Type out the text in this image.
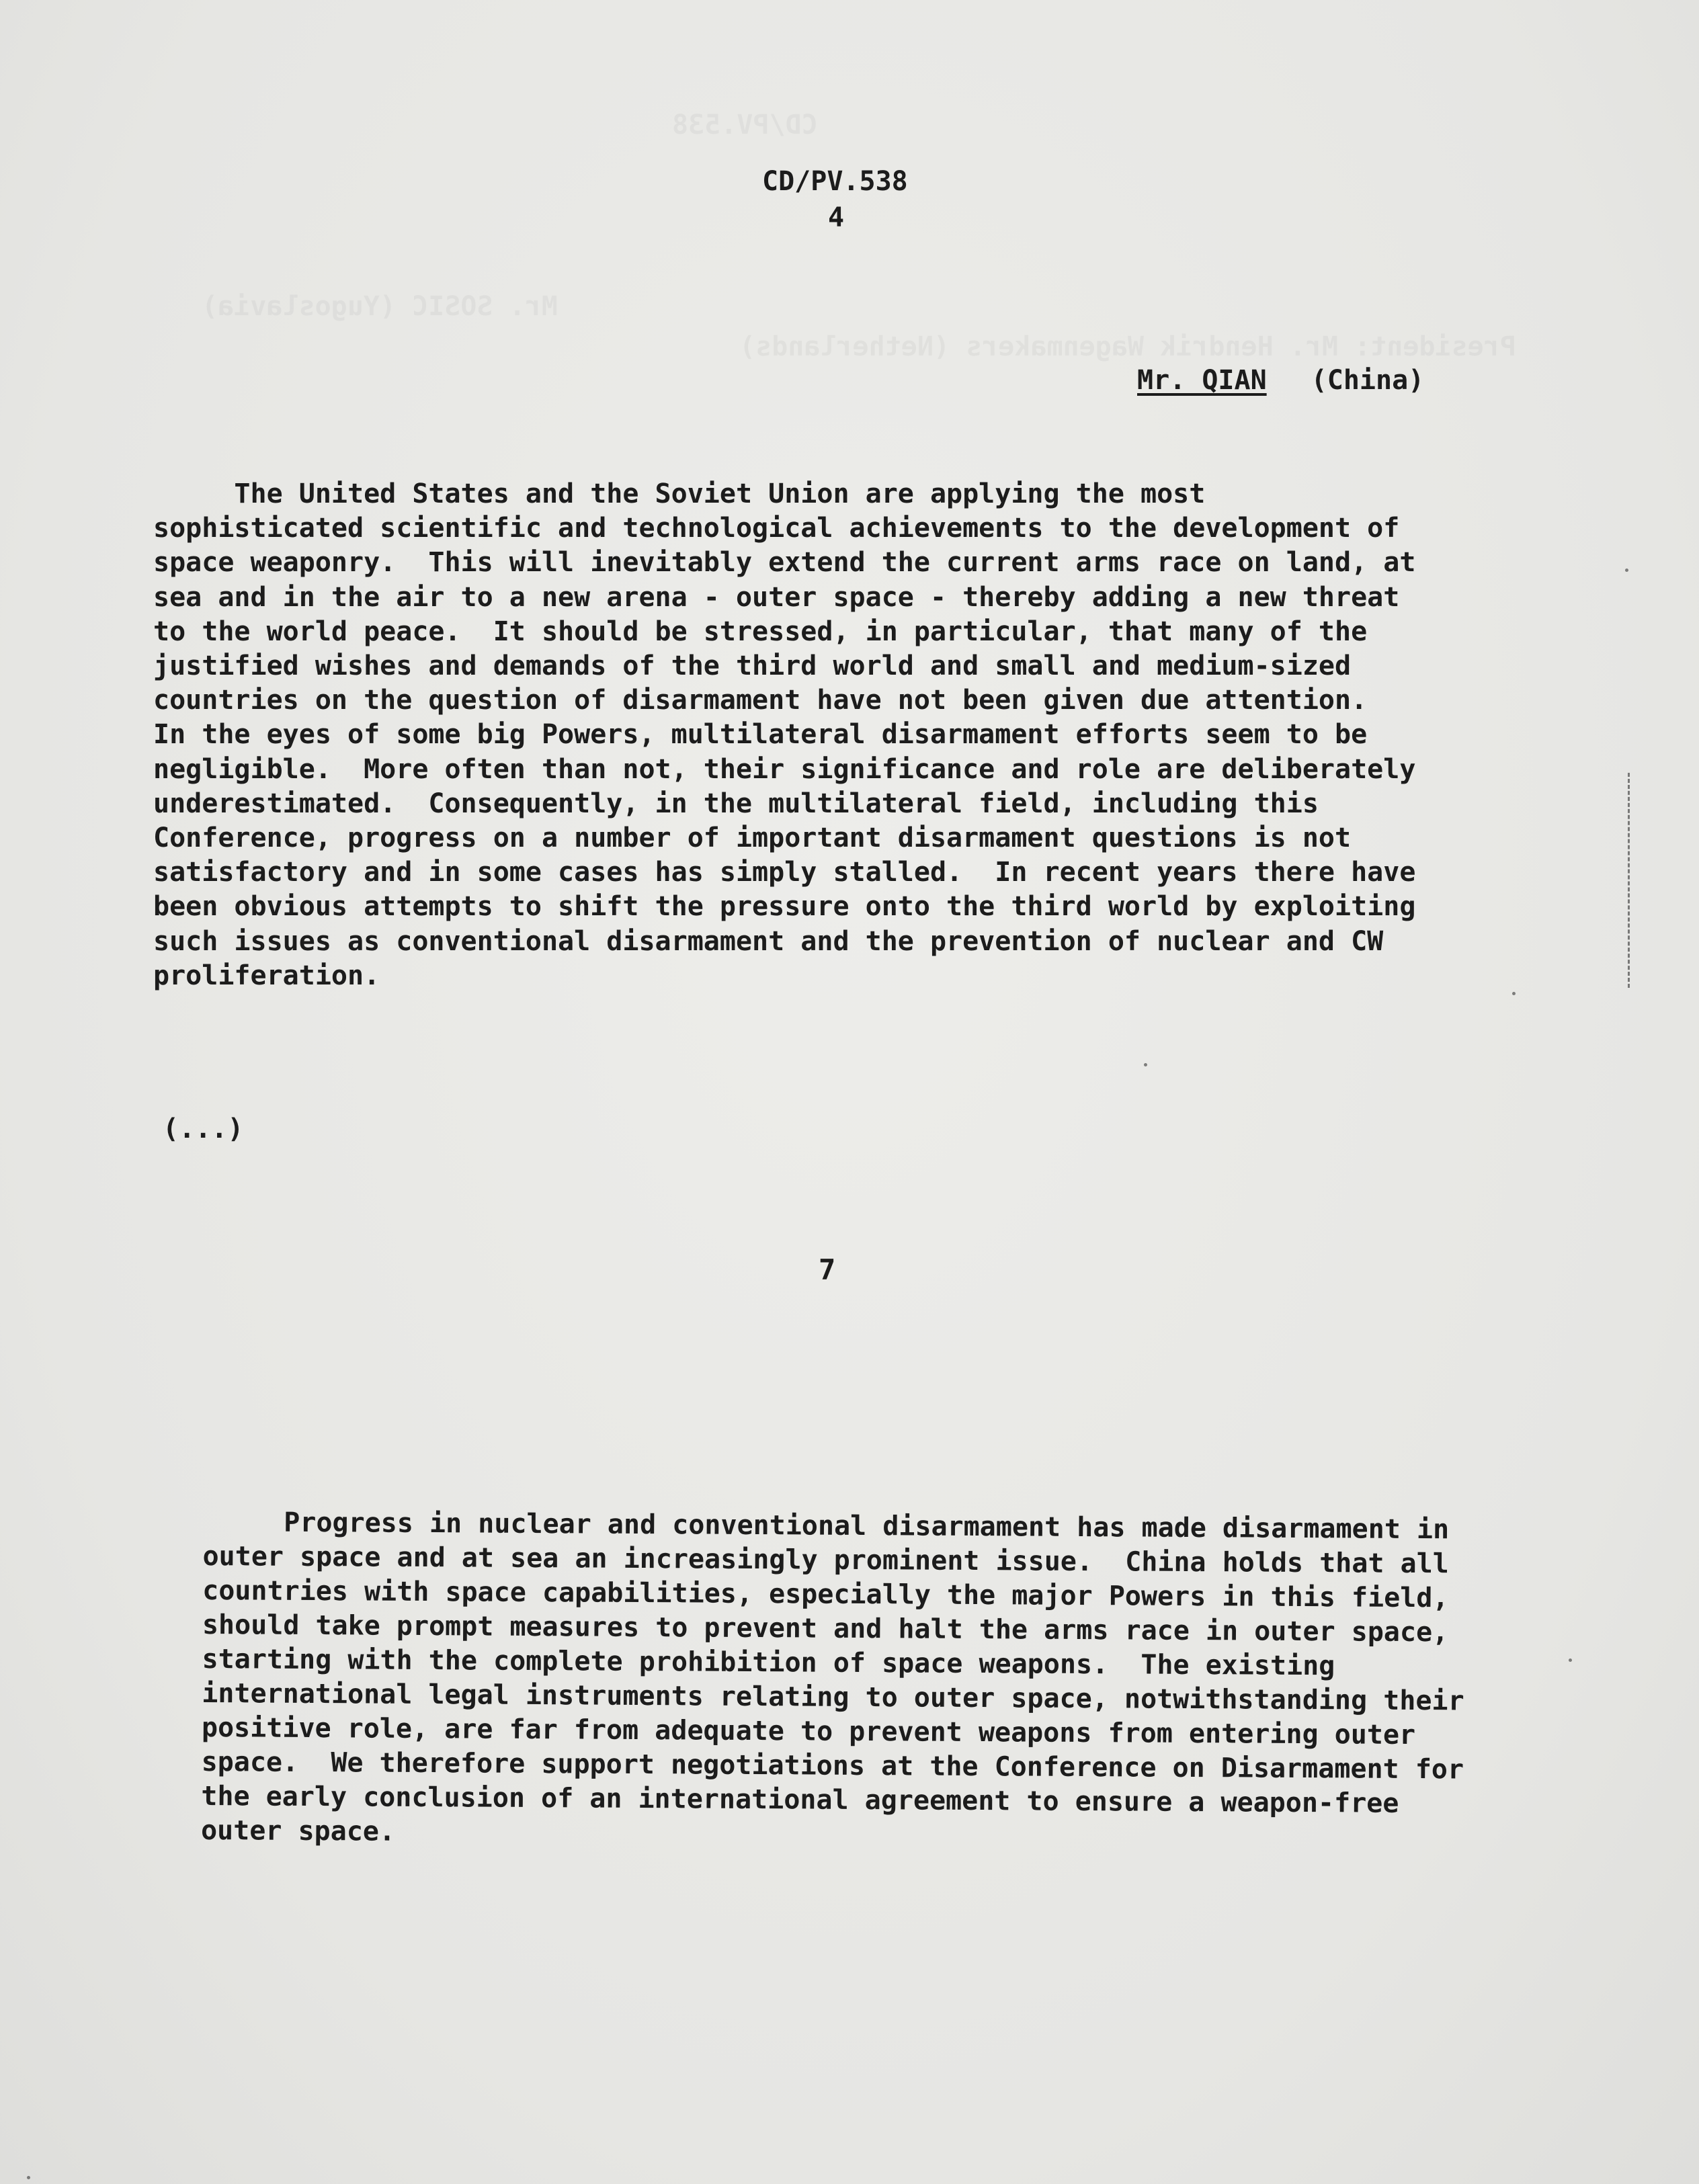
CD/PV.538
4
Mr. QIAN (China)
The United States and the Soviet Union are applying the most
sophisticated scientific and technological achievements to the development of
space weaponry.  This will inevitably extend the current arms race on land, at
sea and in the air to a new arena - outer space - thereby adding a new threat
to the world peace.  It should be stressed, in particular, that many of the
justified wishes and demands of the third world and small and medium-sized
countries on the question of disarmament have not been given due attention.
In the eyes of some big Powers, multilateral disarmament efforts seem to be
negligible.  More often than not, their significance and role are deliberately
underestimated.  Consequently, in the multilateral field, including this
Conference, progress on a number of important disarmament questions is not
satisfactory and in some cases has simply stalled.  In recent years there have
been obvious attempts to shift the pressure onto the third world by exploiting
such issues as conventional disarmament and the prevention of nuclear and CW
proliferation.
(...)
7
Progress in nuclear and conventional disarmament has made disarmament in
outer space and at sea an increasingly prominent issue.  China holds that all
countries with space capabilities, especially the major Powers in this field,
should take prompt measures to prevent and halt the arms race in outer space,
starting with the complete prohibition of space weapons.  The existing
international legal instruments relating to outer space, notwithstanding their
positive role, are far from adequate to prevent weapons from entering outer
space.  We therefore support negotiations at the Conference on Disarmament for
the early conclusion of an international agreement to ensure a weapon-free
outer space.
